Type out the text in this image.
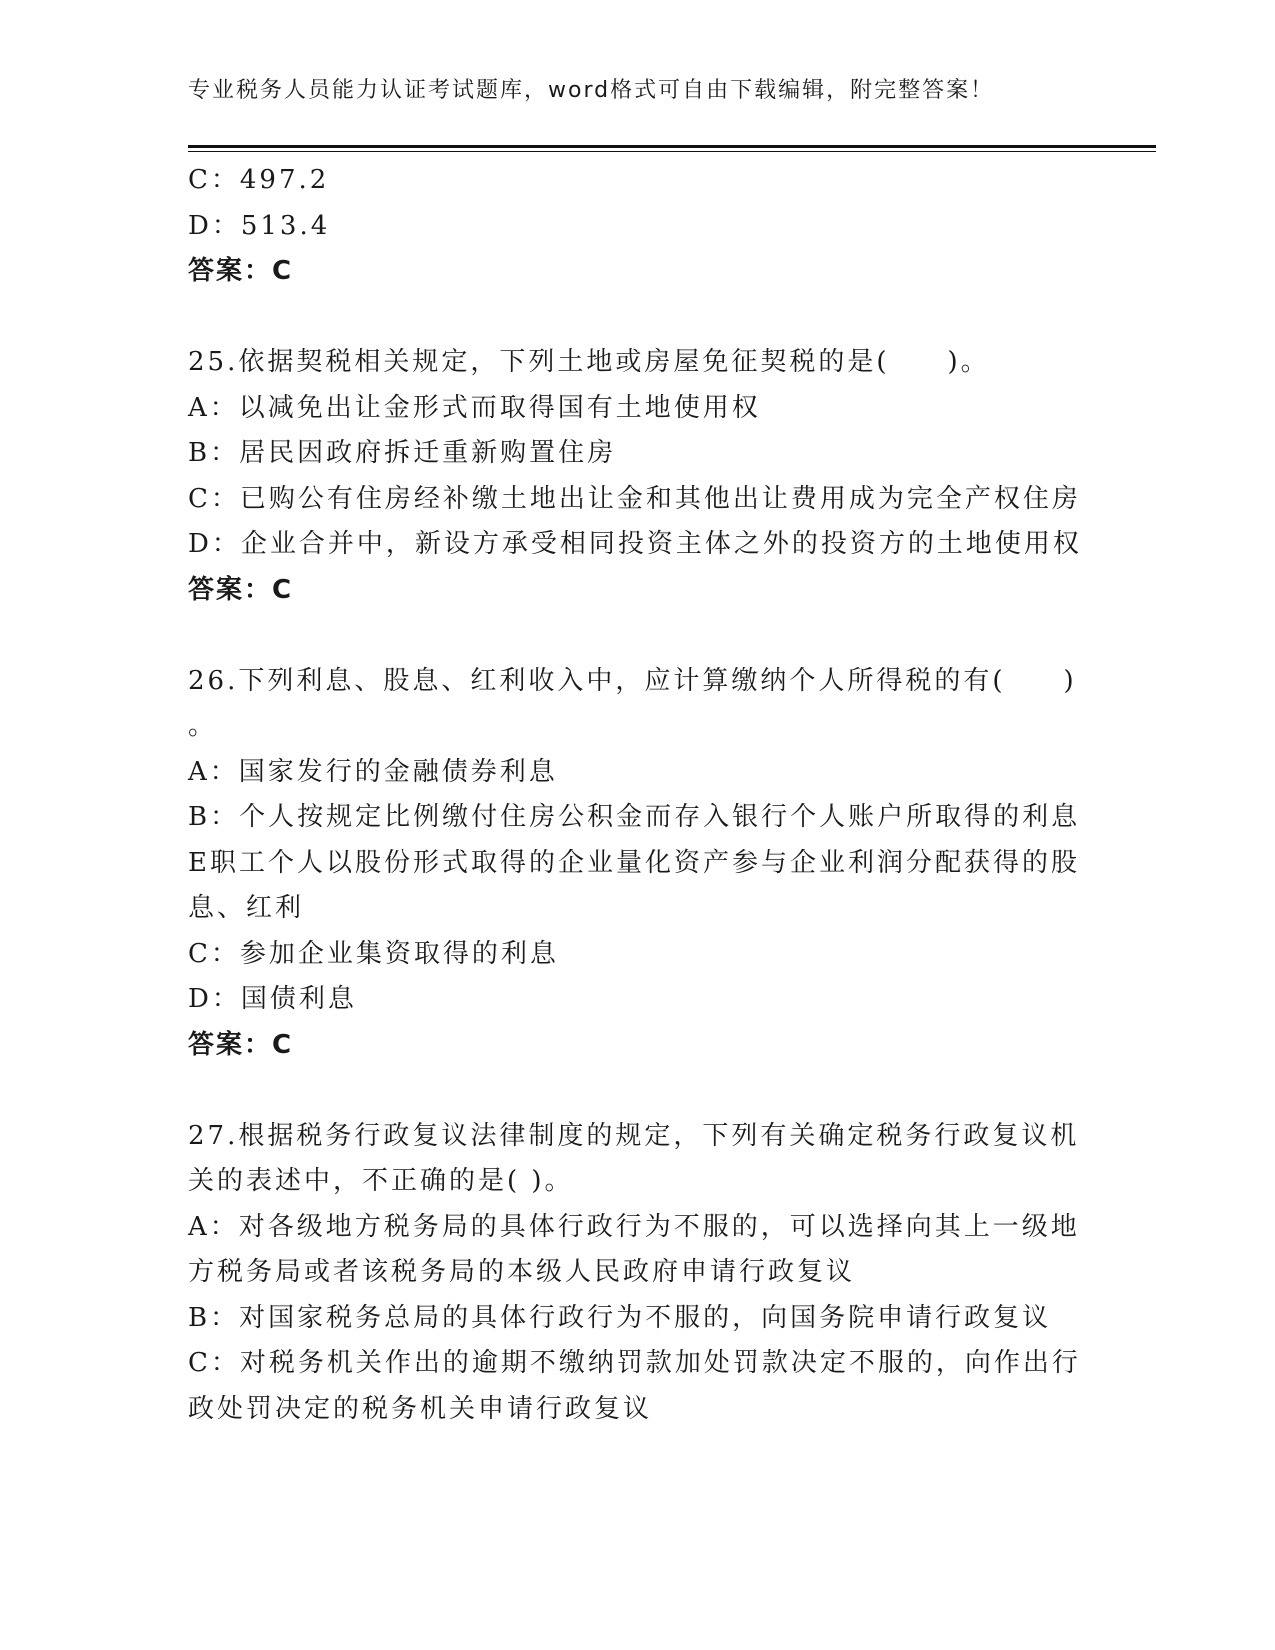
专业税务人员能力认证考试题库，word格式可自由下载编辑，附完整答案！
C：497.2
D：513.4
答案：C
25.依据契税相关规定，下列土地或房屋免征契税的是(　　)。
A：以减免出让金形式而取得国有土地使用权
B：居民因政府拆迁重新购置住房
C：已购公有住房经补缴土地出让金和其他出让费用成为完全产权住房
D：企业合并中，新设方承受相同投资主体之外的投资方的土地使用权
答案：C
26.下列利息、股息、红利收入中，应计算缴纳个人所得税的有(　　)
。
A：国家发行的金融债券利息
B：个人按规定比例缴付住房公积金而存入银行个人账户所取得的利息
E职工个人以股份形式取得的企业量化资产参与企业利润分配获得的股
息、红利
C：参加企业集资取得的利息
D：国债利息
答案：C
27.根据税务行政复议法律制度的规定，下列有关确定税务行政复议机
关的表述中，不正确的是( )。
A：对各级地方税务局的具体行政行为不服的，可以选择向其上一级地
方税务局或者该税务局的本级人民政府申请行政复议
B：对国家税务总局的具体行政行为不服的，向国务院申请行政复议
C：对税务机关作出的逾期不缴纳罚款加处罚款决定不服的，向作出行
政处罚决定的税务机关申请行政复议
